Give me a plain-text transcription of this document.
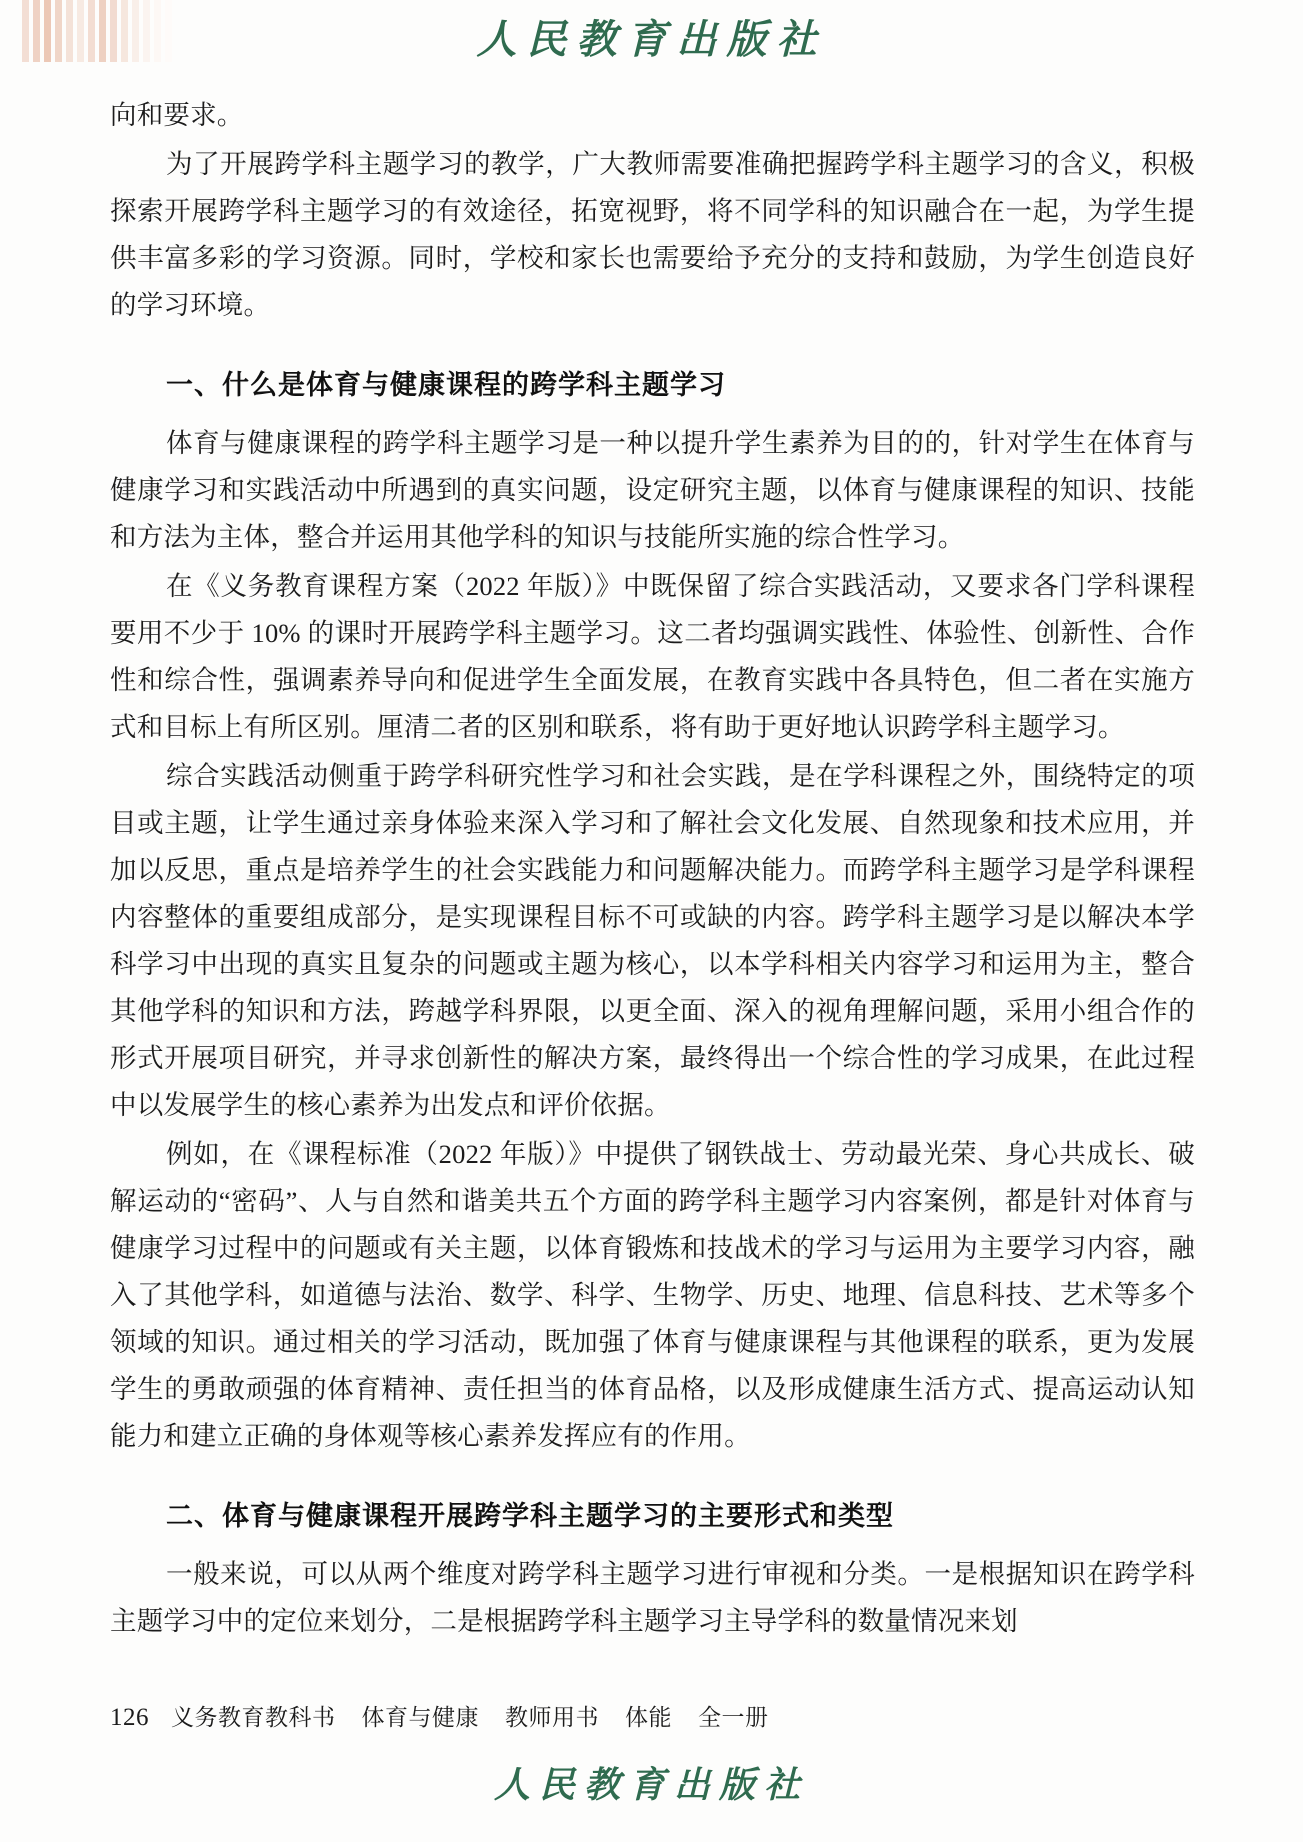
人民教育出版社

向和要求。

为了开展跨学科主题学习的教学，广大教师需要准确把握跨学科主题学习的含义，积极探索开展跨学科主题学习的有效途径，拓宽视野，将不同学科的知识融合在一起，为学生提供丰富多彩的学习资源。同时，学校和家长也需要给予充分的支持和鼓励，为学生创造良好的学习环境。

一、什么是体育与健康课程的跨学科主题学习

体育与健康课程的跨学科主题学习是一种以提升学生素养为目的的，针对学生在体育与健康学习和实践活动中所遇到的真实问题，设定研究主题，以体育与健康课程的知识、技能和方法为主体，整合并运用其他学科的知识与技能所实施的综合性学习。

在《义务教育课程方案（2022 年版）》中既保留了综合实践活动，又要求各门学科课程要用不少于 10% 的课时开展跨学科主题学习。这二者均强调实践性、体验性、创新性、合作性和综合性，强调素养导向和促进学生全面发展，在教育实践中各具特色，但二者在实施方式和目标上有所区别。厘清二者的区别和联系，将有助于更好地认识跨学科主题学习。

综合实践活动侧重于跨学科研究性学习和社会实践，是在学科课程之外，围绕特定的项目或主题，让学生通过亲身体验来深入学习和了解社会文化发展、自然现象和技术应用，并加以反思，重点是培养学生的社会实践能力和问题解决能力。而跨学科主题学习是学科课程内容整体的重要组成部分，是实现课程目标不可或缺的内容。跨学科主题学习是以解决本学科学习中出现的真实且复杂的问题或主题为核心，以本学科相关内容学习和运用为主，整合其他学科的知识和方法，跨越学科界限，以更全面、深入的视角理解问题，采用小组合作的形式开展项目研究，并寻求创新性的解决方案，最终得出一个综合性的学习成果，在此过程中以发展学生的核心素养为出发点和评价依据。

例如，在《课程标准（2022 年版）》中提供了钢铁战士、劳动最光荣、身心共成长、破解运动的“密码”、人与自然和谐美共五个方面的跨学科主题学习内容案例，都是针对体育与健康学习过程中的问题或有关主题，以体育锻炼和技战术的学习与运用为主要学习内容，融入了其他学科，如道德与法治、数学、科学、生物学、历史、地理、信息科技、艺术等多个领域的知识。通过相关的学习活动，既加强了体育与健康课程与其他课程的联系，更为发展学生的勇敢顽强的体育精神、责任担当的体育品格，以及形成健康生活方式、提高运动认知能力和建立正确的身体观等核心素养发挥应有的作用。

二、体育与健康课程开展跨学科主题学习的主要形式和类型

一般来说，可以从两个维度对跨学科主题学习进行审视和分类。一是根据知识在跨学科主题学习中的定位来划分，二是根据跨学科主题学习主导学科的数量情况来划

126 义务教育教科书 体育与健康 教师用书 体能 全一册
人民教育出版社
